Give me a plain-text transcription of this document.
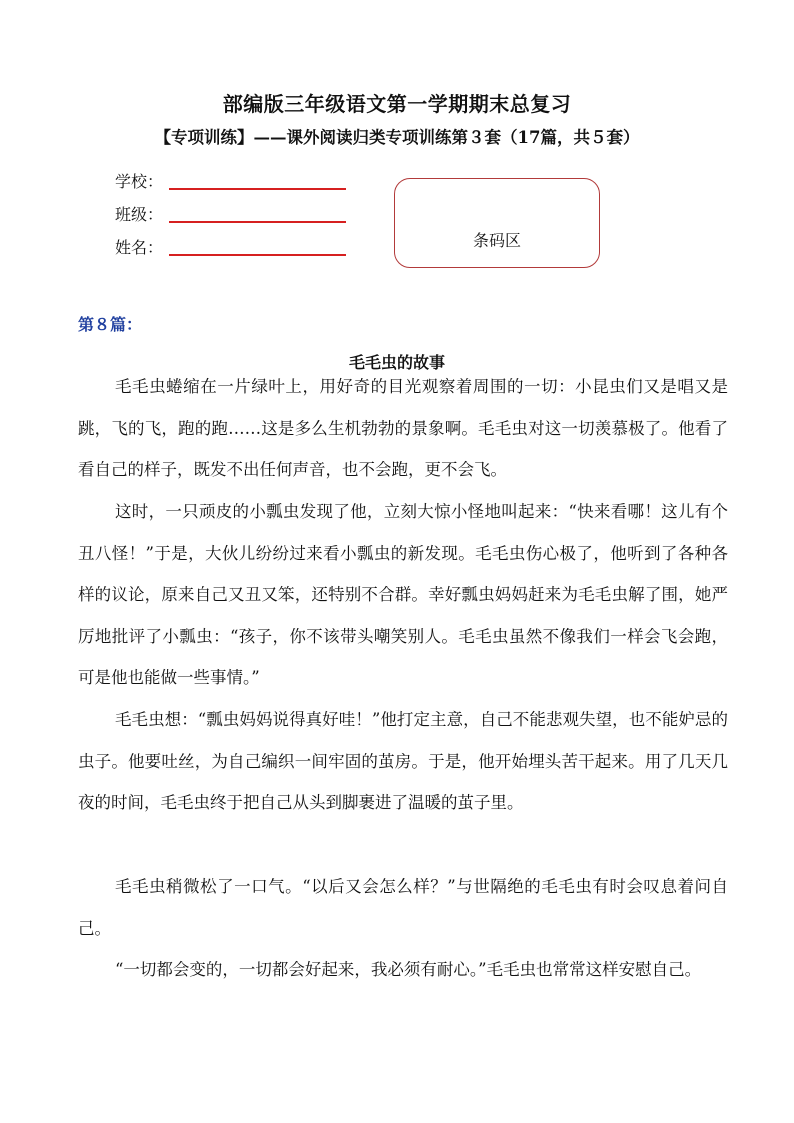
部编版三年级语文第一学期期末总复习
【专项训练】——课外阅读归类专项训练第３套（17篇，共５套）
学校：
班级：
姓名：	条码区
第８篇：
毛毛虫的故事

毛毛虫蜷缩在一片绿叶上，用好奇的目光观察着周围的一切：小昆虫们又是唱又是跳，飞的飞，跑的跑……这是多么生机勃勃的景象啊。毛毛虫对这一切羡慕极了。他看了看自己的样子，既发不出任何声音，也不会跑，更不会飞。

这时，一只顽皮的小瓢虫发现了他，立刻大惊小怪地叫起来：“快来看哪！这儿有个丑八怪！”于是，大伙儿纷纷过来看小瓢虫的新发现。毛毛虫伤心极了，他听到了各种各样的议论，原来自己又丑又笨，还特别不合群。幸好瓢虫妈妈赶来为毛毛虫解了围，她严厉地批评了小瓢虫：“孩子，你不该带头嘲笑别人。毛毛虫虽然不像我们一样会飞会跑，可是他也能做一些事情。”

毛毛虫想：“瓢虫妈妈说得真好哇！”他打定主意，自己不能悲观失望，也不能妒忌的虫子。他要吐丝，为自己编织一间牢固的茧房。于是，他开始埋头苦干起来。用了几天几夜的时间，毛毛虫终于把自己从头到脚裹进了温暖的茧子里。

毛毛虫稍微松了一口气。“以后又会怎么样？”与世隔绝的毛毛虫有时会叹息着问自己。

“一切都会变的，一切都会好起来，我必须有耐心。”毛毛虫也常常这样安慰自己。
